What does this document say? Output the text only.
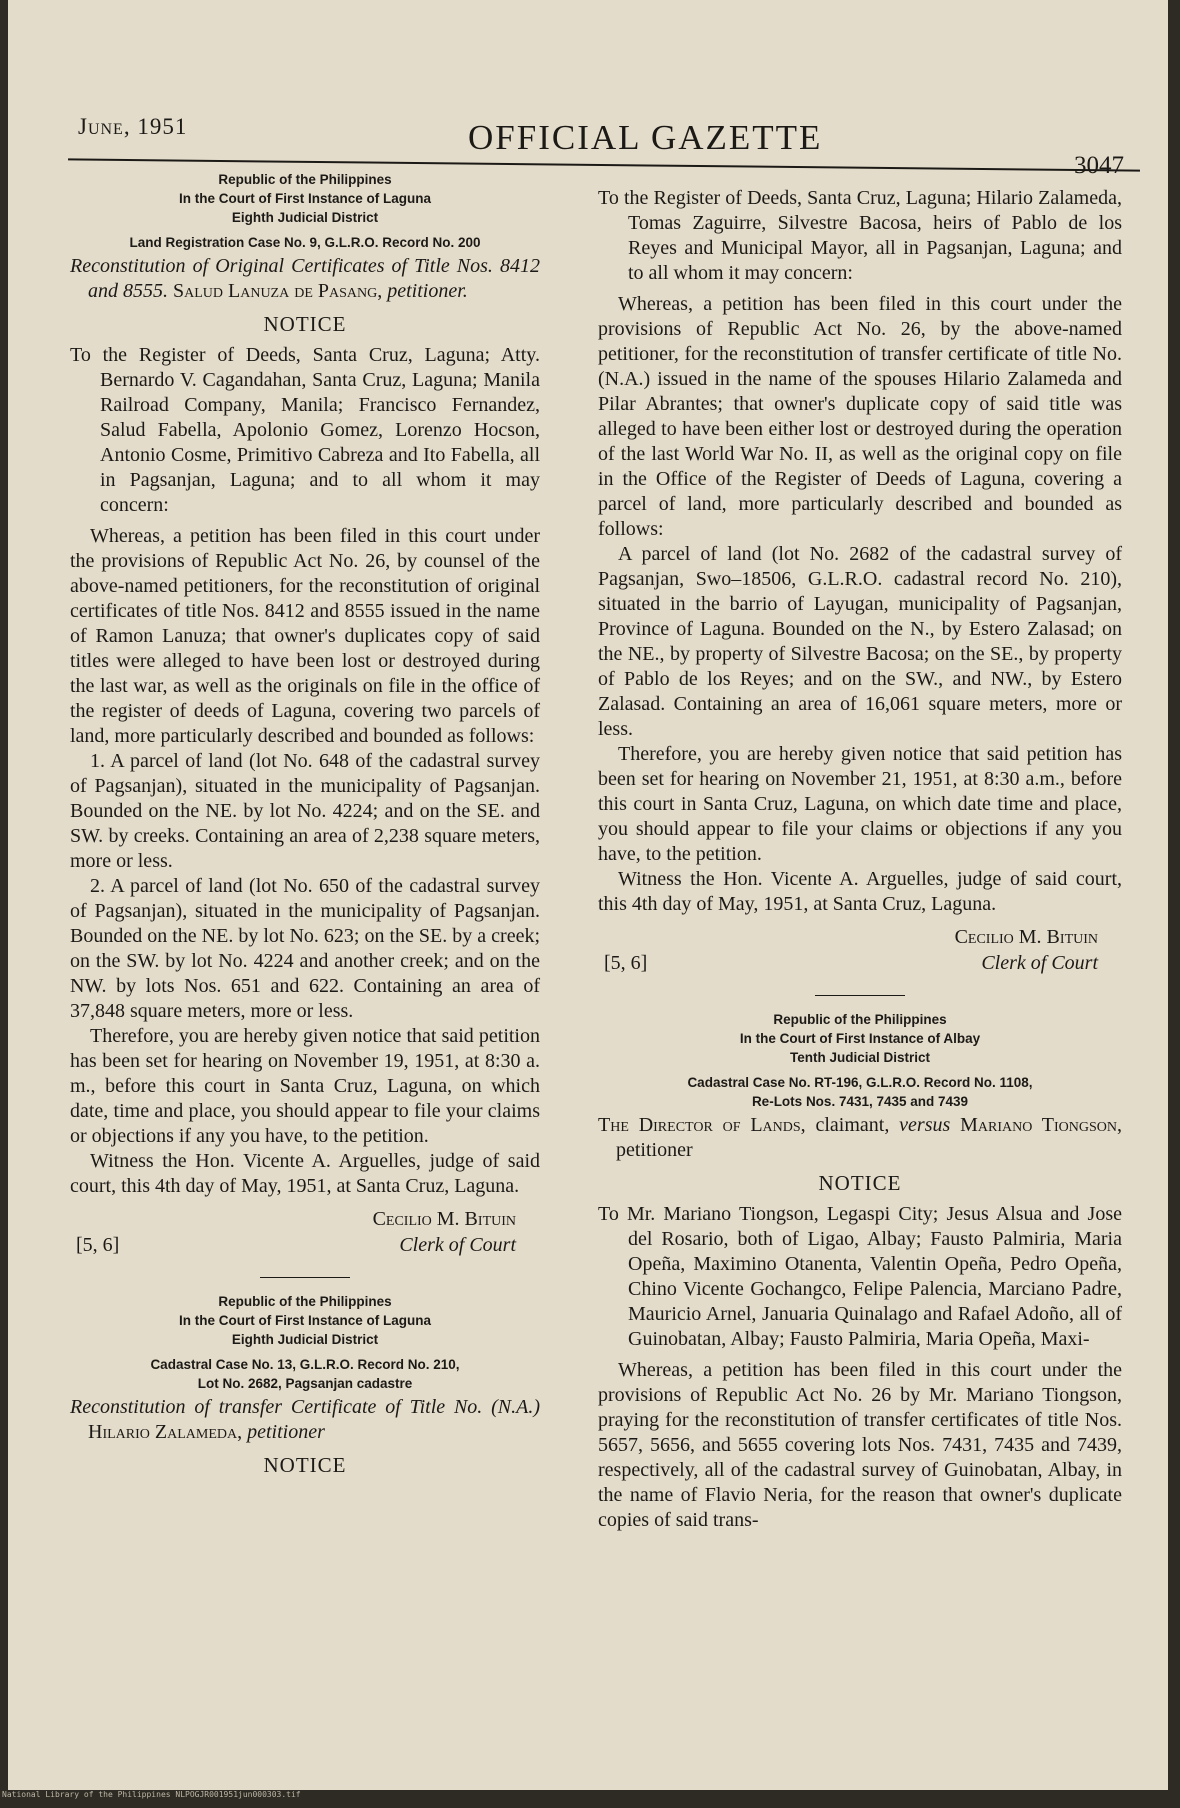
June, 1951	OFFICIAL GAZETTE
3047
Republic of the Philippines
In the Court of First Instance of Laguna
Eighth Judicial District
Land Registration Case No. 9, G.L.R.O. Record No. 200
Reconstitution of Original Certificates of Title Nos. 8412 and 8555. Salud Lanuza de Pasang, petitioner.
NOTICE
To the Register of Deeds, Santa Cruz, Laguna; Atty. Bernardo V. Cagandahan, Santa Cruz, Laguna; Manila Railroad Company, Manila; Francisco Fernandez, Salud Fabella, Apolonio Gomez, Lorenzo Hocson, Antonio Cosme, Primitivo Cabreza and Ito Fabella, all in Pagsanjan, Laguna; and to all whom it may concern:

Whereas, a petition has been filed in this court under the provisions of Republic Act No. 26, by counsel of the above-named petitioners, for the reconstitution of original certificates of title Nos. 8412 and 8555 issued in the name of Ramon Lanuza; that owner's duplicates copy of said titles were alleged to have been lost or destroyed during the last war, as well as the originals on file in the office of the register of deeds of Laguna, covering two parcels of land, more particularly described and bounded as follows:

1. A parcel of land (lot No. 648 of the cadastral survey of Pagsanjan), situated in the municipality of Pagsanjan. Bounded on the NE. by lot No. 4224; and on the SE. and SW. by creeks. Containing an area of 2,238 square meters, more or less.

2. A parcel of land (lot No. 650 of the cadastral survey of Pagsanjan), situated in the municipality of Pagsanjan. Bounded on the NE. by lot No. 623; on the SE. by a creek; on the SW. by lot No. 4224 and another creek; and on the NW. by lots Nos. 651 and 622. Containing an area of 37,848 square meters, more or less.

Therefore, you are hereby given notice that said petition has been set for hearing on November 19, 1951, at 8:30 a. m., before this court in Santa Cruz, Laguna, on which date, time and place, you should appear to file your claims or objections if any you have, to the petition.

Witness the Hon. Vicente A. Arguelles, judge of said court, this 4th day of May, 1951, at Santa Cruz, Laguna.

[5, 6]
Cecilio M. Bituin
Clerk of Court
Republic of the Philippines
In the Court of First Instance of Laguna
Eighth Judicial District
Cadastral Case No. 13, G.L.R.O. Record No. 210,
Lot No. 2682, Pagsanjan cadastre
Reconstitution of transfer Certificate of Title No. (N.A.) Hilario Zalameda, petitioner
NOTICE
To the Register of Deeds, Santa Cruz, Laguna; Hilario Zalameda, Tomas Zaguirre, Silvestre Bacosa, heirs of Pablo de los Reyes and Municipal Mayor, all in Pagsanjan, Laguna; and to all whom it may concern:

Whereas, a petition has been filed in this court under the provisions of Republic Act No. 26, by the above-named petitioner, for the reconstitution of transfer certificate of title No. (N.A.) issued in the name of the spouses Hilario Zalameda and Pilar Abrantes; that owner's duplicate copy of said title was alleged to have been either lost or destroyed during the operation of the last World War No. II, as well as the original copy on file in the Office of the Register of Deeds of Laguna, covering a parcel of land, more particularly described and bounded as follows:

A parcel of land (lot No. 2682 of the cadastral survey of Pagsanjan, Swo–18506, G.L.R.O. cadastral record No. 210), situated in the barrio of Layugan, municipality of Pagsanjan, Province of Laguna. Bounded on the N., by Estero Zalasad; on the NE., by property of Silvestre Bacosa; on the SE., by property of Pablo de los Reyes; and on the SW., and NW., by Estero Zalasad. Containing an area of 16,061 square meters, more or less.

Therefore, you are hereby given notice that said petition has been set for hearing on November 21, 1951, at 8:30 a.m., before this court in Santa Cruz, Laguna, on which date time and place, you should appear to file your claims or objections if any you have, to the petition.

Witness the Hon. Vicente A. Arguelles, judge of said court, this 4th day of May, 1951, at Santa Cruz, Laguna.

[5, 6]
Cecilio M. Bituin
Clerk of Court
Republic of the Philippines
In the Court of First Instance of Albay
Tenth Judicial District
Cadastral Case No. RT-196, G.L.R.O. Record No. 1108,
Re-Lots Nos. 7431, 7435 and 7439
The Director of Lands, claimant, versus Mariano Tiongson, petitioner
NOTICE
To Mr. Mariano Tiongson, Legaspi City; Jesus Alsua and Jose del Rosario, both of Ligao, Albay; Fausto Palmiria, Maria Opeña, Maximino Otanenta, Valentin Opeña, Pedro Opeña, Chino Vicente Gochangco, Felipe Palencia, Marciano Padre, Mauricio Arnel, Januaria Quinalago and Rafael Adoño, all of Guinobatan, Albay; Fausto Palmiria, Maria Opeña, Maxi-

Whereas, a petition has been filed in this court under the provisions of Republic Act No. 26 by Mr. Mariano Tiongson, praying for the reconstitution of transfer certificates of title Nos. 5657, 5656, and 5655 covering lots Nos. 7431, 7435 and 7439, respectively, all of the cadastral survey of Guinobatan, Albay, in the name of Flavio Neria, for the reason that owner's duplicate copies of said trans-

National Library of the Philippines NLPOGJR001951jun000303.tif
